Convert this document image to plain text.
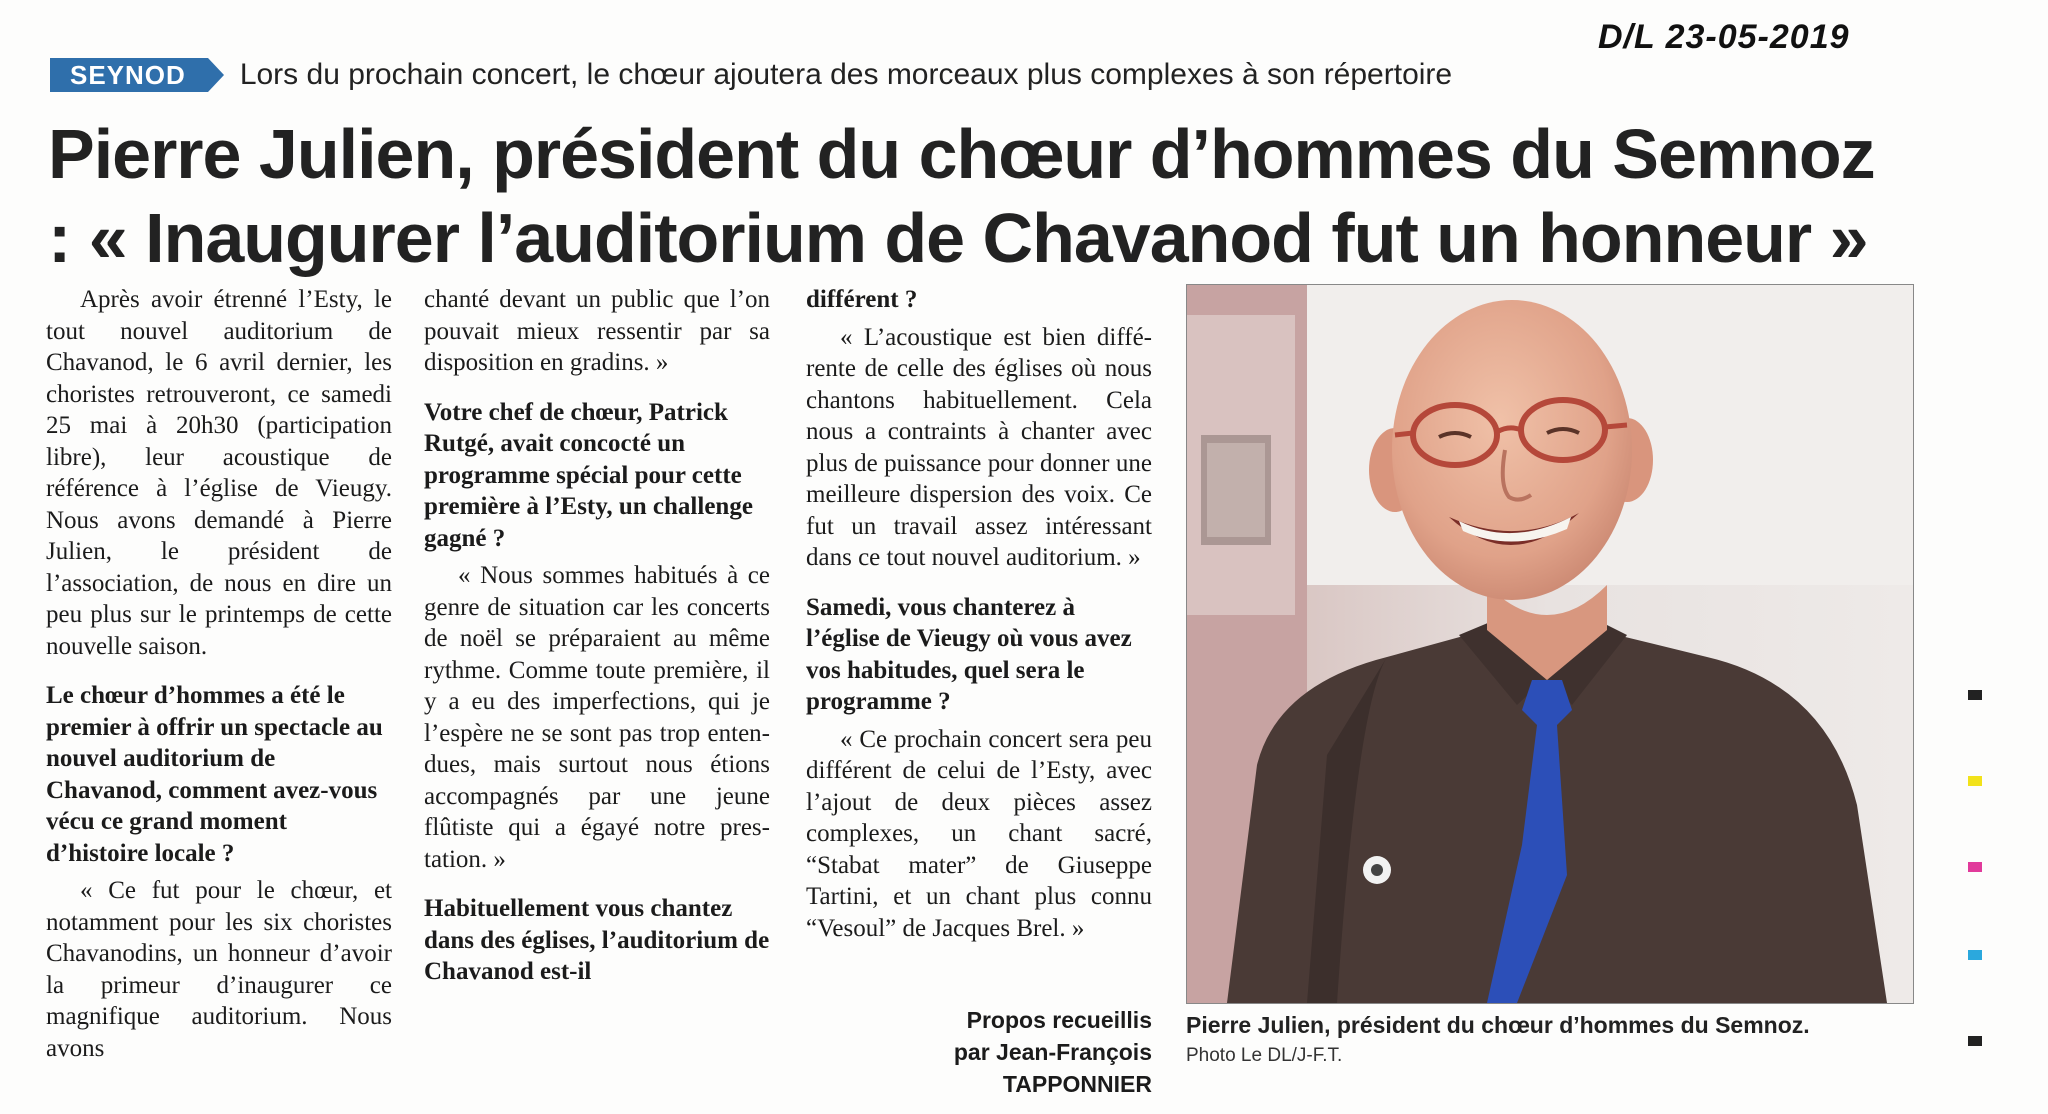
D/L 23-05-2019
SEYNOD	Lors du prochain concert, le chœur ajoutera des morceaux plus complexes à son répertoire
Pierre Julien, président du chœur d’hommes du Semnoz
: « Inaugurer l’auditorium de Chavanod fut un honneur »

Après avoir étrenné l’Esty, le tout nouvel auditorium de Chavanod, le 6 avril dernier, les choristes retrouveront, ce samedi 25 mai à 20h30 (participation libre), leur acoustique de référence à l’église de Vieugy. Nous avons demandé à Pierre Julien, le président de l’association, de nous en dire un peu plus sur le printemps de cette nouvelle saison.

Le chœur d’hommes a été le premier à offrir un spectacle au nouvel auditorium de Chavanod, comment avez-vous vécu ce grand moment d’histoire locale ?

« Ce fut pour le chœur, et notamment pour les six choristes Chavanodins, un honneur d’avoir la primeur d’inaugurer ce magnifique auditorium. Nous avons

chanté devant un public que l’on pouvait mieux ressentir par sa disposition en gradins. »

Votre chef de chœur, Patrick Rutgé, avait concocté un programme spécial pour cette première à l’Esty, un challenge gagné ?

« Nous sommes habitués à ce genre de situation car les concerts de noël se préparaient au même rythme. Comme toute première, il y a eu des imperfections, qui je l’espère ne se sont pas trop entendues, mais surtout nous étions accompagnés par une jeune flûtiste qui a égayé notre prestation. »

Habituellement vous chantez dans des églises, l’auditorium de Chavanod est-il

différent ?

« L’acoustique est bien différente de celle des églises où nous chantons habituellement. Cela nous a contraints à chanter avec plus de puissance pour donner une meilleure dispersion des voix. Ce fut un travail assez intéressant dans ce tout nouvel auditorium. »

Samedi, vous chanterez à l’église de Vieugy où vous avez vos habitudes, quel sera le programme ?

« Ce prochain concert sera peu différent de celui de l’Esty, avec l’ajout de deux pièces assez complexes, un chant sacré, “Stabat mater” de Giuseppe Tartini, et un chant plus connu “Vesoul” de Jacques Brel. »

Propos recueillis
par Jean-François TAPPONNIER
Pierre Julien, président du chœur d’hommes du Semnoz.
Photo Le DL/J-F.T.
